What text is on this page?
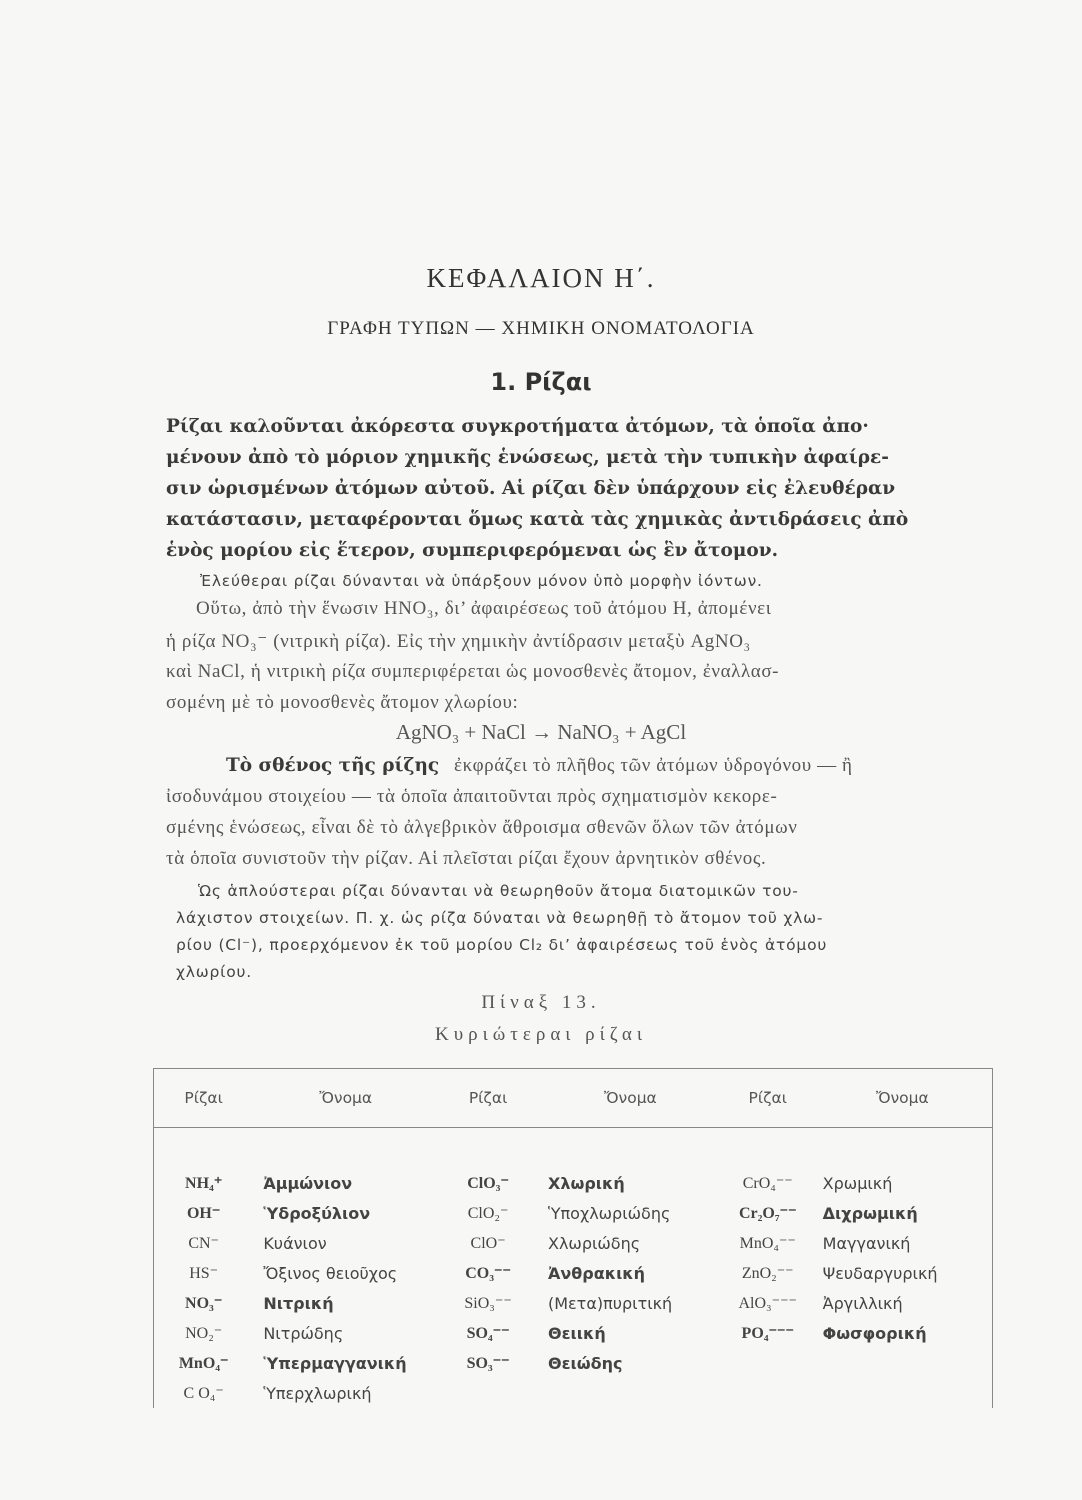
ΚΕΦΑΛΑΙΟΝ Η΄.
ΓΡΑΦΗ ΤΥΠΩΝ — ΧΗΜΙΚΗ ΟΝΟΜΑΤΟΛΟΓΙΑ
1. Ρίζαι
Ρίζαι καλοῦνται ἀκόρεστα συγκροτήματα ἀτόμων, τὰ ὁποῖα ἀπο·
μένουν ἀπὸ τὸ μόριον χημικῆς ἑνώσεως, μετὰ τὴν τυπικὴν ἀφαίρε-
σιν ὡρισμένων ἀτόμων αὐτοῦ. Αἱ ρίζαι δὲν ὑπάρχουν εἰς ἐλευθέραν
κατάστασιν, μεταφέρονται ὅμως κατὰ τὰς χημικὰς ἀντιδράσεις ἀπὸ
ἑνὸς μορίου εἰς ἕτερον, συμπεριφερόμεναι ὡς ἓν ἄτομον.
Ἐλεύθεραι ρίζαι δύνανται νὰ ὑπάρξουν μόνον ὑπὸ μορφὴν ἰόντων.
Οὕτω, ἀπὸ τὴν ἕνωσιν HNO₃, δι’ ἀφαιρέσεως τοῦ ἀτόμου H, ἀπομένει
ἡ ρίζα NO₃⁻ (νιτρικὴ ρίζα). Εἰς τὴν χημικὴν ἀντίδρασιν μεταξὺ AgNO₃
καὶ NaCl, ἡ νιτρικὴ ρίζα συμπεριφέρεται ὡς μονοσθενὲς ἄτομον, ἐναλλασ-
σομένη μὲ τὸ μονοσθενὲς ἄτομον χλωρίου:
AgNO₃ + NaCl → NaNO₃ + AgCl
Τὸ σθένος τῆς ρίζης ἐκφράζει τὸ πλῆθος τῶν ἀτόμων ὑδρογόνου — ἢ
ἰσοδυνάμου στοιχείου — τὰ ὁποῖα ἀπαιτοῦνται πρὸς σχηματισμὸν κεκορε-
σμένης ἑνώσεως, εἶναι δὲ τὸ ἀλγεβρικὸν ἄθροισμα σθενῶν ὅλων τῶν ἀτόμων
τὰ ὁποῖα συνιστοῦν τὴν ρίζαν. Αἱ πλεῖσται ρίζαι ἔχουν ἀρνητικὸν σθένος.
Ὡς ἁπλούστεραι ρίζαι δύνανται νὰ θεωρηθοῦν ἄτομα διατομικῶν του-
λάχιστον στοιχείων. Π. χ. ὡς ρίζα δύναται νὰ θεωρηθῇ τὸ ἄτομον τοῦ χλω-
ρίου (Cl⁻), προερχόμενον ἐκ τοῦ μορίου Cl₂ δι’ ἀφαιρέσεως τοῦ ἑνὸς ἀτόμου
χλωρίου.
Πίναξ 13.
Κυριώτεραι ρίζαι
Ρίζαι	Ὄνομα	Ρίζαι	Ὄνομα	Ρίζαι	Ὄνομα
NH₄⁺	Ἀμμώνιον	ClO₃⁻	Χλωρική	CrO₄⁻⁻	Χρωμική
OH⁻	Ὑδροξύλιον	ClO₂⁻	Ὑποχλωριώδης	Cr₂O₇⁻⁻	Διχρωμική
CN⁻	Κυάνιον	ClO⁻	Χλωριώδης	MnO₄⁻⁻	Μαγγανική
HS⁻	Ὄξινος θειοῦχος	CO₃⁻⁻	Ἀνθρακική	ZnO₂⁻⁻	Ψευδαργυρική
NO₃⁻	Νιτρική	SiO₃⁻⁻	(Μετα)πυριτική	AlO₃⁻⁻⁻	Ἀργιλλική
NO₂⁻	Νιτρώδης	SO₄⁻⁻	Θειική	PO₄⁻⁻⁻	Φωσφορική
MnO₄⁻	Ὑπερμαγγανική	SO₃⁻⁻	Θειώδης		
C O₄⁻	Ὑπερχλωρική				
